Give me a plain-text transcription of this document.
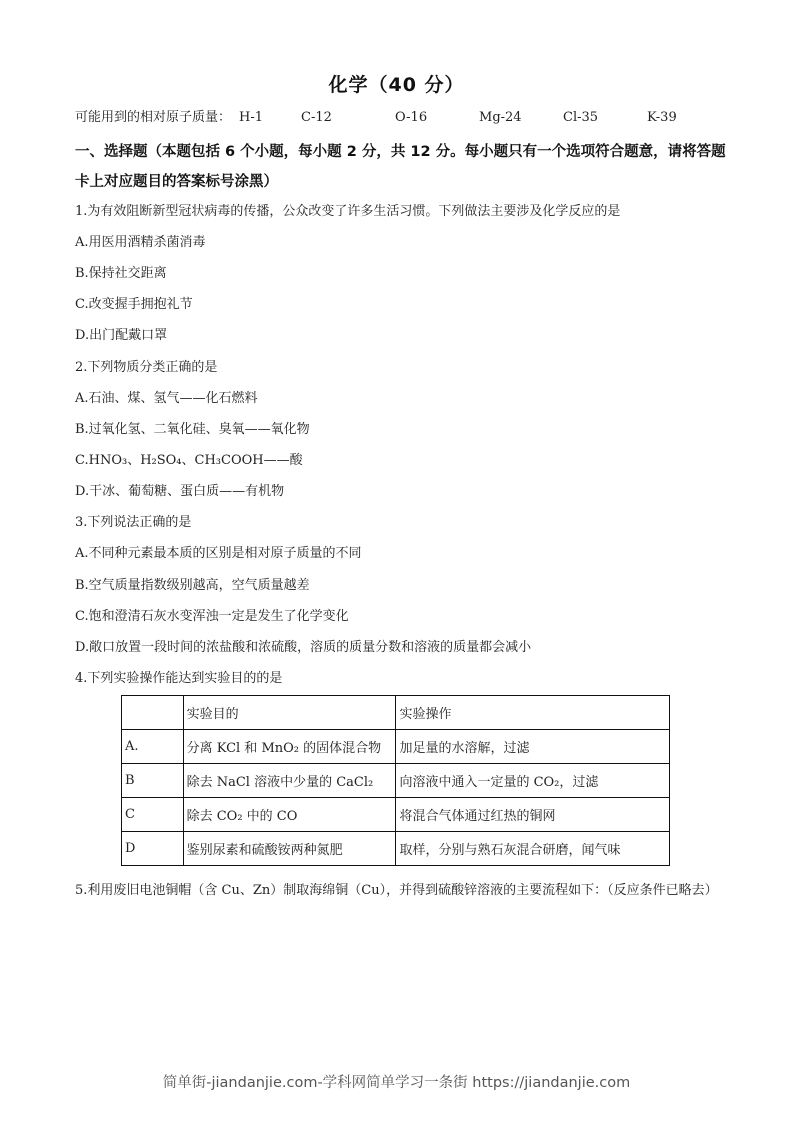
化学（40 分）
可能用到的相对原子质量： H-1	C-12	O-16	Mg-24	Cl-35	K-39
一、选择题（本题包括 6 个小题，每小题 2 分，共 12 分。每小题只有一个选项符合题意，请将答题卡上对应题目的答案标号涂黑）
1.为有效阻断新型冠状病毒的传播，公众改变了许多生活习惯。下列做法主要涉及化学反应的是
A.用医用酒精杀菌消毒
B.保持社交距离
C.改变握手拥抱礼节
D.出门配戴口罩
2.下列物质分类正确的是
A.石油、煤、氢气——化石燃料
B.过氧化氢、二氧化硅、臭氧——氧化物
C.HNO₃、H₂SO₄、CH₃COOH——酸
D.干冰、葡萄糖、蛋白质——有机物
3.下列说法正确的是
A.不同种元素最本质的区别是相对原子质量的不同
B.空气质量指数级别越高，空气质量越差
C.饱和澄清石灰水变浑浊一定是发生了化学变化
D.敞口放置一段时间的浓盐酸和浓硫酸，溶质的质量分数和溶液的质量都会减小
4.下列实验操作能达到实验目的的是
	实验目的	实验操作
A.	分离 KCl 和 MnO₂ 的固体混合物	加足量的水溶解，过滤
B	除去 NaCl 溶液中少量的 CaCl₂	向溶液中通入一定量的 CO₂，过滤
C	除去 CO₂ 中的 CO	将混合气体通过红热的铜网
D	鉴别尿素和硫酸铵两种氮肥	取样，分别与熟石灰混合研磨，闻气味
5.利用废旧电池铜帽（含 Cu、Zn）制取海绵铜（Cu），并得到硫酸锌溶液的主要流程如下：（反应条件已略去）
简单街-jiandanjie.com-学科网简单学习一条街 https://jiandanjie.com
